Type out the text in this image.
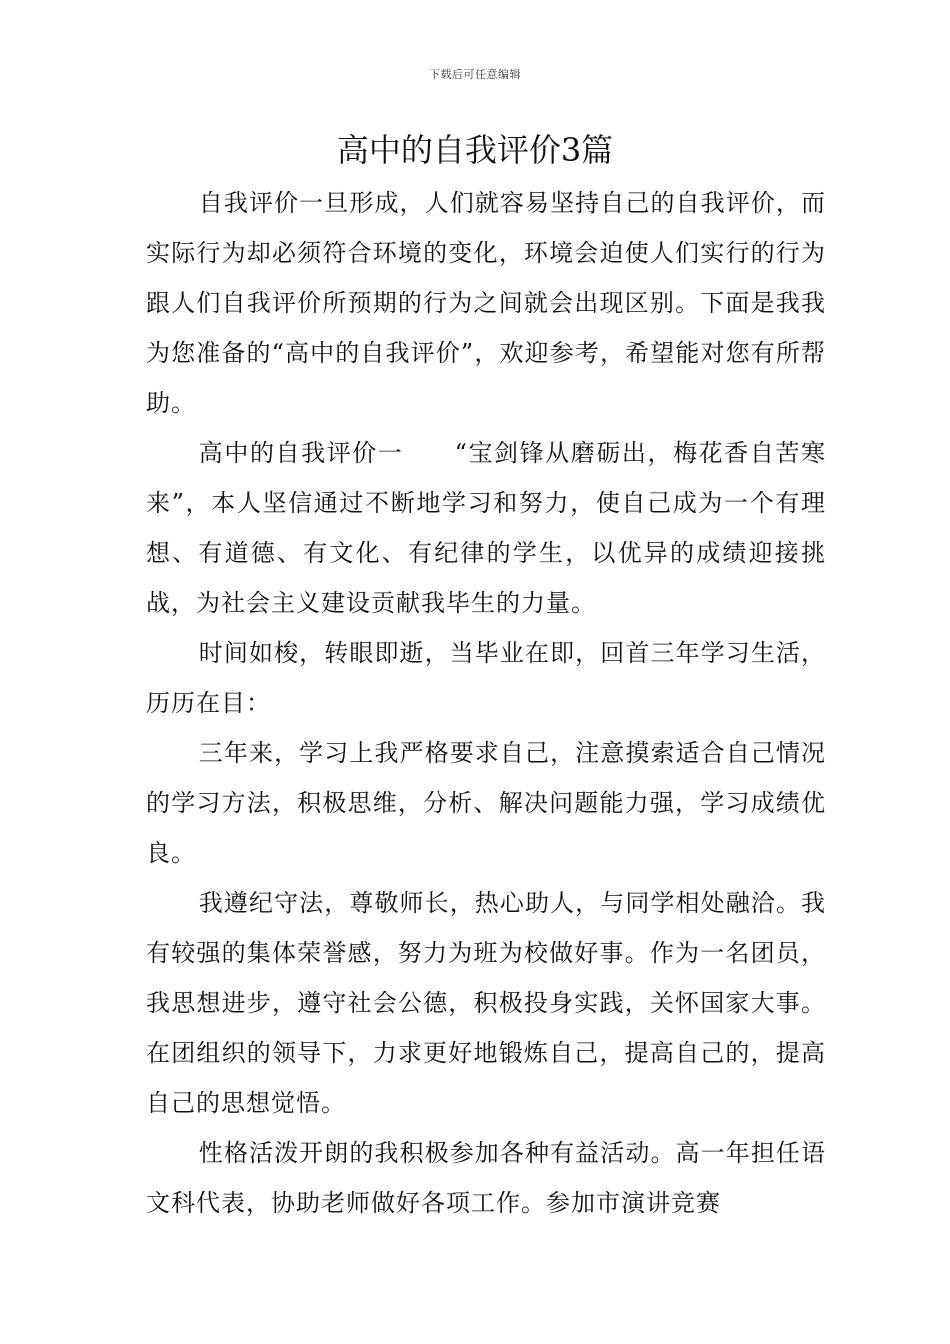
下载后可任意编辑
高中的自我评价3篇

自我评价一旦形成，人们就容易坚持自己的自我评价，而实际行为却必须符合环境的变化，环境会迫使人们实行的行为跟人们自我评价所预期的行为之间就会出现区别。下面是我我为您准备的“高中的自我评价”，欢迎参考，希望能对您有所帮助。

高中的自我评价一　　“宝剑锋从磨砺出，梅花香自苦寒来”，本人坚信通过不断地学习和努力，使自己成为一个有理想、有道德、有文化、有纪律的学生，以优异的成绩迎接挑战，为社会主义建设贡献我毕生的力量。

时间如梭，转眼即逝，当毕业在即，回首三年学习生活，历历在目：

三年来，学习上我严格要求自己，注意摸索适合自己情况的学习方法，积极思维，分析、解决问题能力强，学习成绩优良。

我遵纪守法，尊敬师长，热心助人，与同学相处融洽。我有较强的集体荣誉感，努力为班为校做好事。作为一名团员，我思想进步，遵守社会公德，积极投身实践，关怀国家大事。在团组织的领导下，力求更好地锻炼自己，提高自己的，提高自己的思想觉悟。

性格活泼开朗的我积极参加各种有益活动。高一年担任语文科代表，协助老师做好各项工作。参加市演讲竞赛
